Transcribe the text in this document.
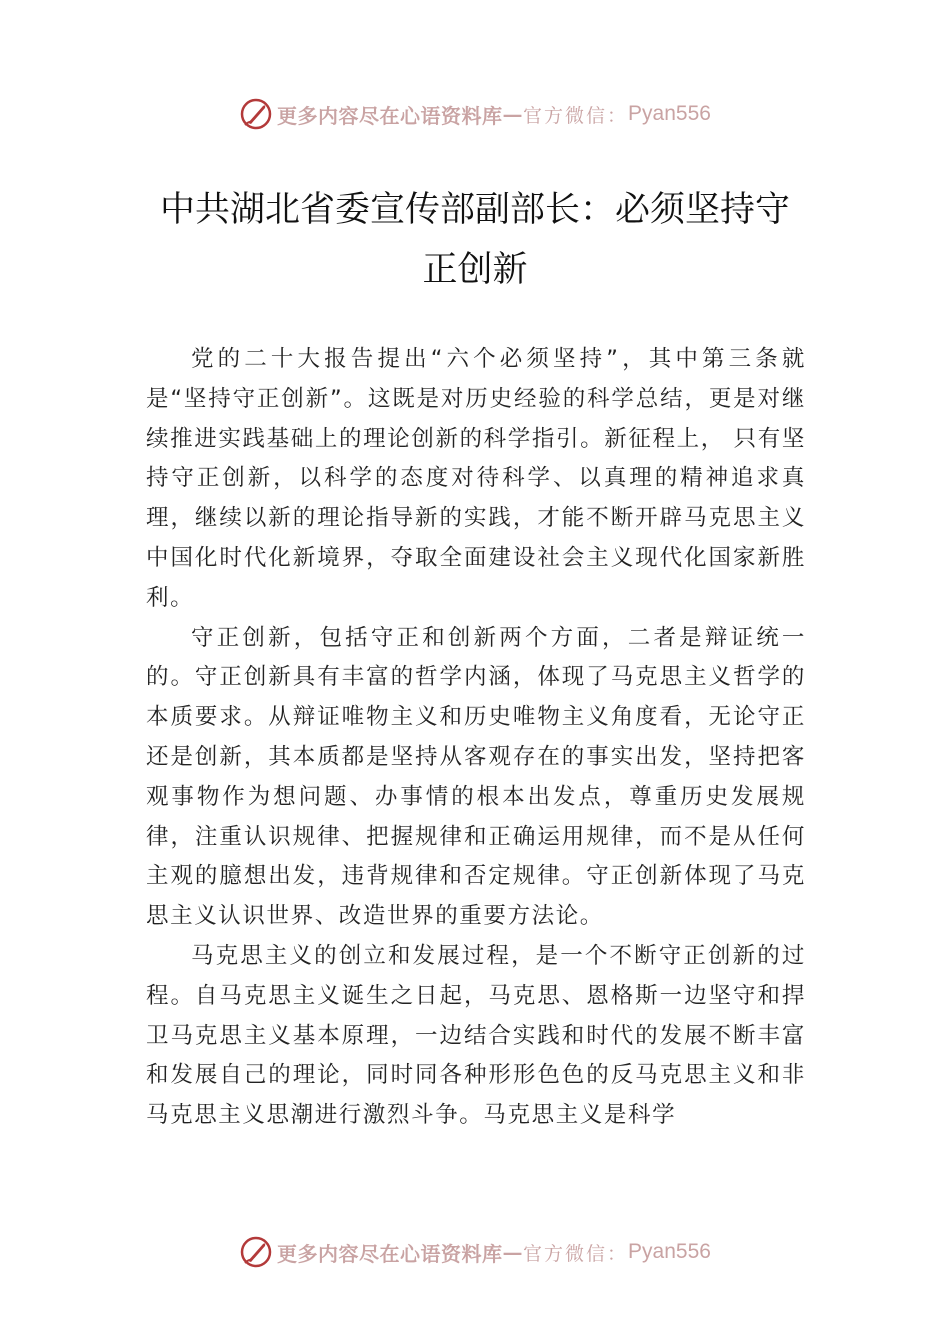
更多内容尽在心语资料库 — 官方微信： Pyan556
中共湖北省委宣传部副部长：必须坚持守
正创新

党的二十大报告提出“六个必须坚持”，其中第三条就是“坚持守正创新”。这既是对历史经验的科学总结，更是对继续推进实践基础上的理论创新的科学指引。新征程上， 只有坚持守正创新，以科学的态度对待科学、以真理的精神追求真理，继续以新的理论指导新的实践，才能不断开辟马克思主义中国化时代化新境界，夺取全面建设社会主义现代化国家新胜利。

守正创新，包括守正和创新两个方面，二者是辩证统一的。守正创新具有丰富的哲学内涵，体现了马克思主义哲学的本质要求。从辩证唯物主义和历史唯物主义角度看，无论守正还是创新，其本质都是坚持从客观存在的事实出发，坚持把客观事物作为想问题、办事情的根本出发点，尊重历史发展规律，注重认识规律、把握规律和正确运用规律，而不是从任何主观的臆想出发，违背规律和否定规律。守正创新体现了马克思主义认识世界、改造世界的重要方法论。

马克思主义的创立和发展过程，是一个不断守正创新的过程。自马克思主义诞生之日起，马克思、恩格斯一边坚守和捍卫马克思主义基本原理，一边结合实践和时代的发展不断丰富和发展自己的理论，同时同各种形形色色的反马克思主义和非马克思主义思潮进行激烈斗争。马克思主义是科学

更多内容尽在心语资料库 — 官方微信： Pyan556
